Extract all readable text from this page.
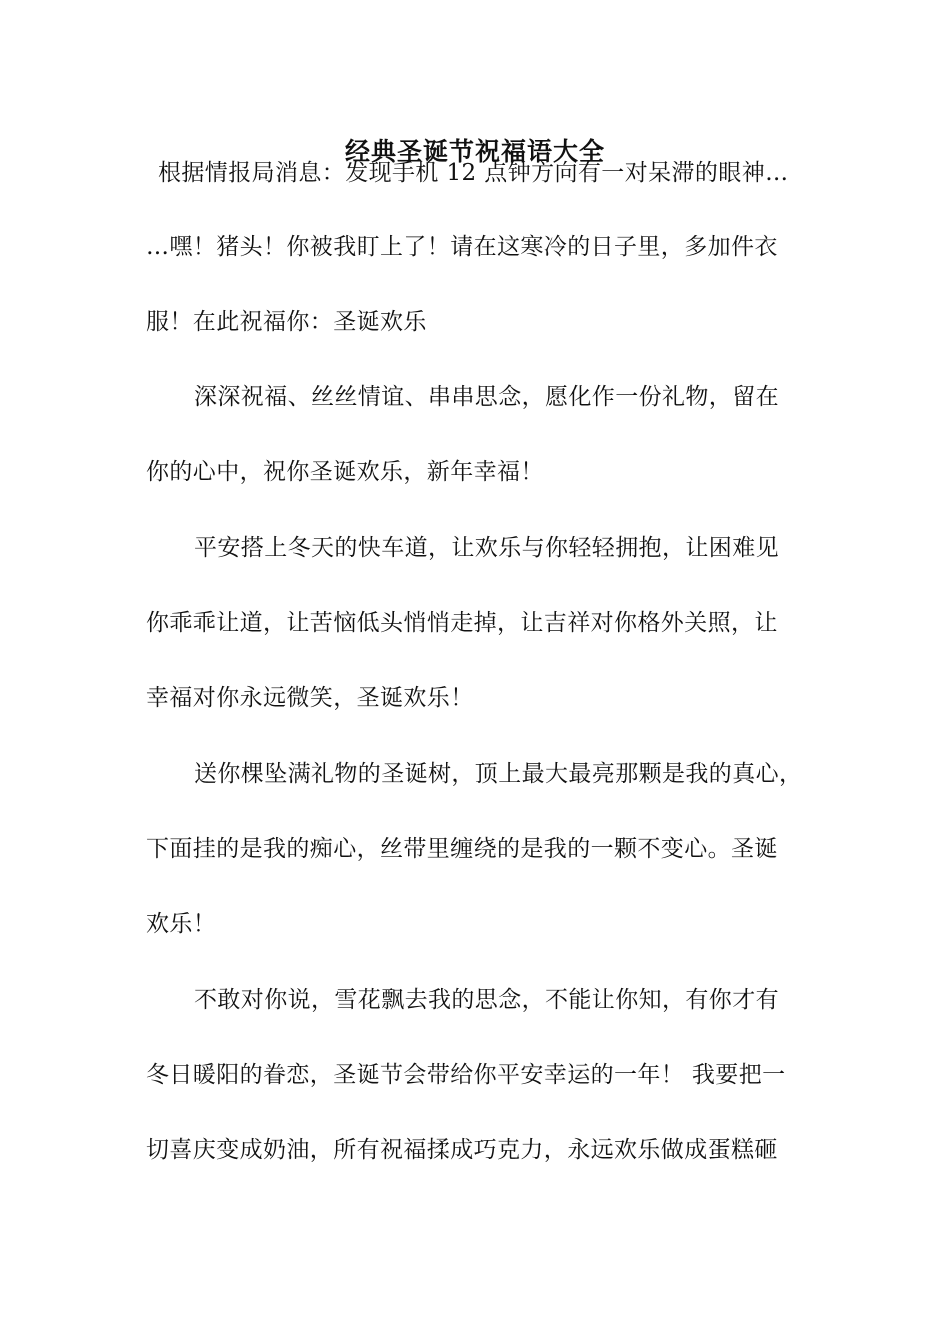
经典圣诞节祝福语大全
根据情报局消息：发现手机 12 点钟方向有一对呆滞的眼神…
…嘿！猪头！你被我盯上了！请在这寒冷的日子里，多加件衣
服！在此祝福你：圣诞欢乐
深深祝福、丝丝情谊、串串思念，愿化作一份礼物，留在
你的心中，祝你圣诞欢乐，新年幸福！
平安搭上冬天的快车道，让欢乐与你轻轻拥抱，让困难见
你乖乖让道，让苦恼低头悄悄走掉，让吉祥对你格外关照，让
幸福对你永远微笑，圣诞欢乐！
送你棵坠满礼物的圣诞树，顶上最大最亮那颗是我的真心，
下面挂的是我的痴心，丝带里缠绕的是我的一颗不变心。圣诞
欢乐！
不敢对你说，雪花飘去我的思念，不能让你知，有你才有
冬日暖阳的眷恋，圣诞节会带给你平安幸运的一年！ 我要把一
切喜庆变成奶油，所有祝福揉成巧克力，永远欢乐做成蛋糕砸
